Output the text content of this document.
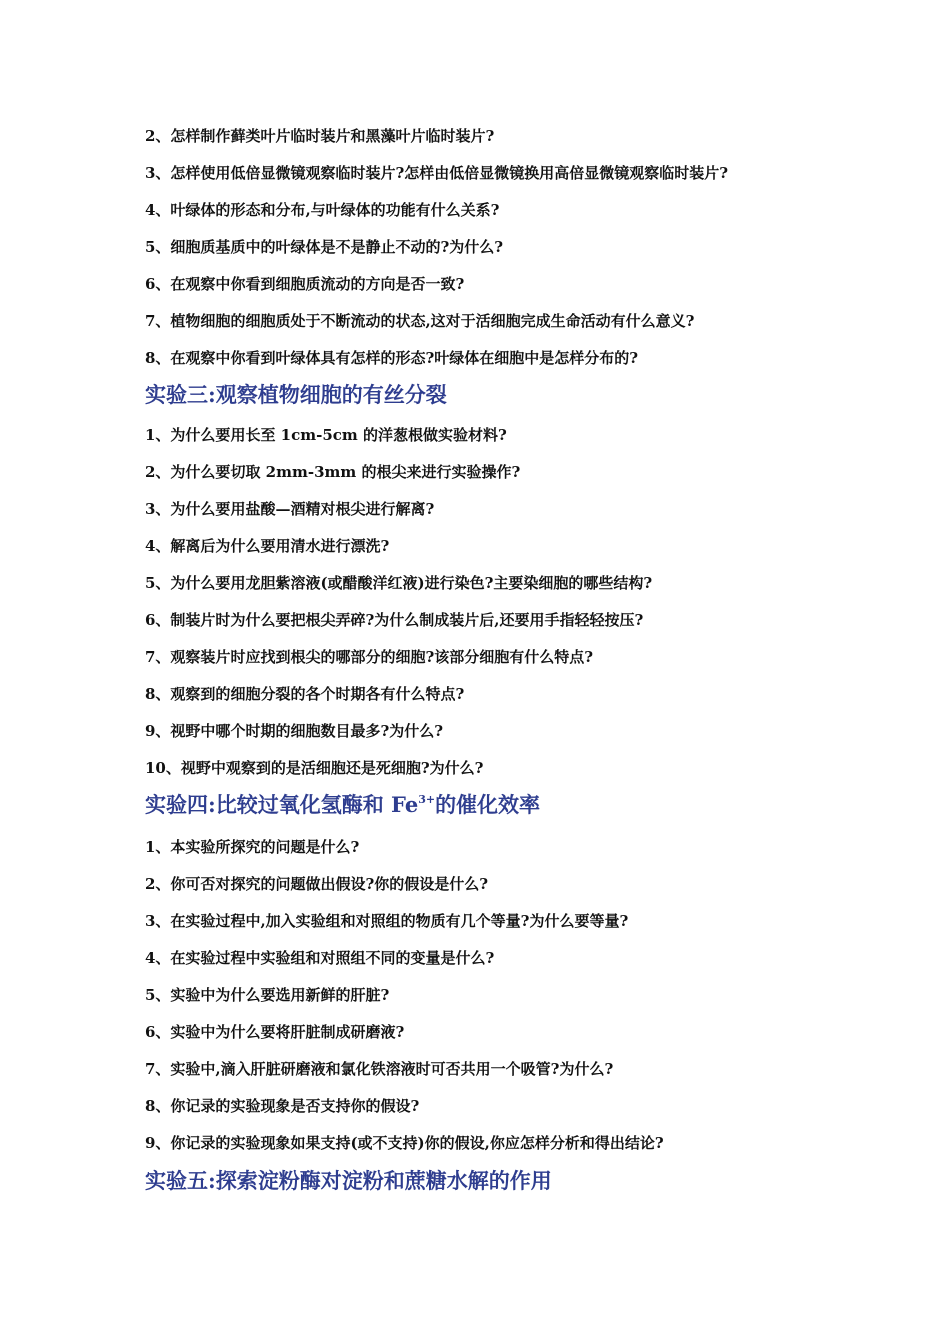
2、怎样制作藓类叶片临时装片和黑藻叶片临时装片?
3、怎样使用低倍显微镜观察临时装片?怎样由低倍显微镜换用高倍显微镜观察临时装片?
4、叶绿体的形态和分布,与叶绿体的功能有什么关系?
5、细胞质基质中的叶绿体是不是静止不动的?为什么?
6、在观察中你看到细胞质流动的方向是否一致?
7、植物细胞的细胞质处于不断流动的状态,这对于活细胞完成生命活动有什么意义?
8、在观察中你看到叶绿体具有怎样的形态?叶绿体在细胞中是怎样分布的?
实验三:观察植物细胞的有丝分裂
1、为什么要用长至 1cm-5cm 的洋葱根做实验材料?
2、为什么要切取 2mm-3mm 的根尖来进行实验操作?
3、为什么要用盐酸—酒精对根尖进行解离?
4、解离后为什么要用清水进行漂洗?
5、为什么要用龙胆紫溶液(或醋酸洋红液)进行染色?主要染细胞的哪些结构?
6、制装片时为什么要把根尖弄碎?为什么制成装片后,还要用手指轻轻按压?
7、观察装片时应找到根尖的哪部分的细胞?该部分细胞有什么特点?
8、观察到的细胞分裂的各个时期各有什么特点?
9、视野中哪个时期的细胞数目最多?为什么?
10、视野中观察到的是活细胞还是死细胞?为什么?
实验四:比较过氧化氢酶和 $Fe^{3+}$的催化效率
1、本实验所探究的问题是什么?
2、你可否对探究的问题做出假设?你的假设是什么?
3、在实验过程中,加入实验组和对照组的物质有几个等量?为什么要等量?
4、在实验过程中实验组和对照组不同的变量是什么?
5、实验中为什么要选用新鲜的肝脏?
6、实验中为什么要将肝脏制成研磨液?
7、实验中,滴入肝脏研磨液和氯化铁溶液时可否共用一个吸管?为什么?
8、你记录的实验现象是否支持你的假设?
9、你记录的实验现象如果支持(或不支持)你的假设,你应怎样分析和得出结论?
实验五:探索淀粉酶对淀粉和蔗糖水解的作用
